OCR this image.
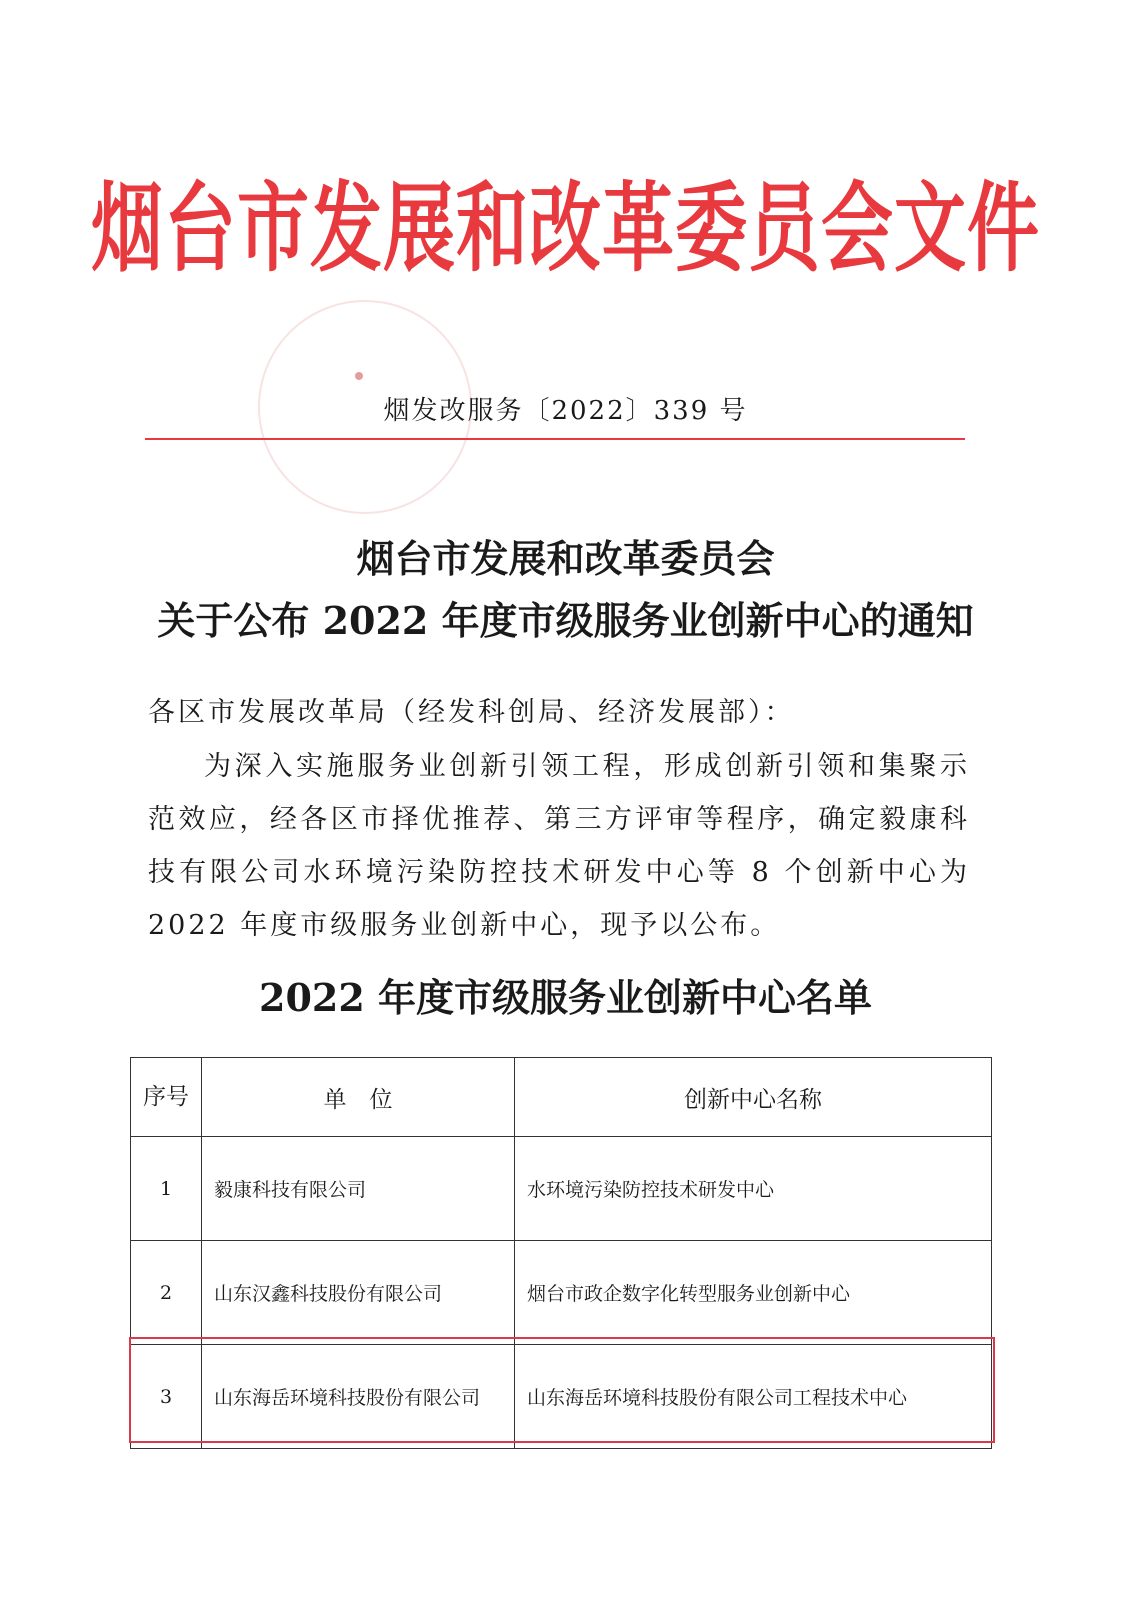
烟台市发展和改革委员会文件
烟发改服务〔2022〕339 号
烟台市发展和改革委员会
关于公布 2022 年度市级服务业创新中心的通知
各区市发展改革局（经发科创局、经济发展部）：
为深入实施服务业创新引领工程，形成创新引领和集聚示范效应，经各区市择优推荐、第三方评审等程序，确定毅康科技有限公司水环境污染防控技术研发中心等 8 个创新中心为 2022 年度市级服务业创新中心，现予以公布。
2022 年度市级服务业创新中心名单
序号	单　位	创新中心名称
1	毅康科技有限公司	水环境污染防控技术研发中心
2	山东汉鑫科技股份有限公司	烟台市政企数字化转型服务业创新中心
3	山东海岳环境科技股份有限公司	山东海岳环境科技股份有限公司工程技术中心
